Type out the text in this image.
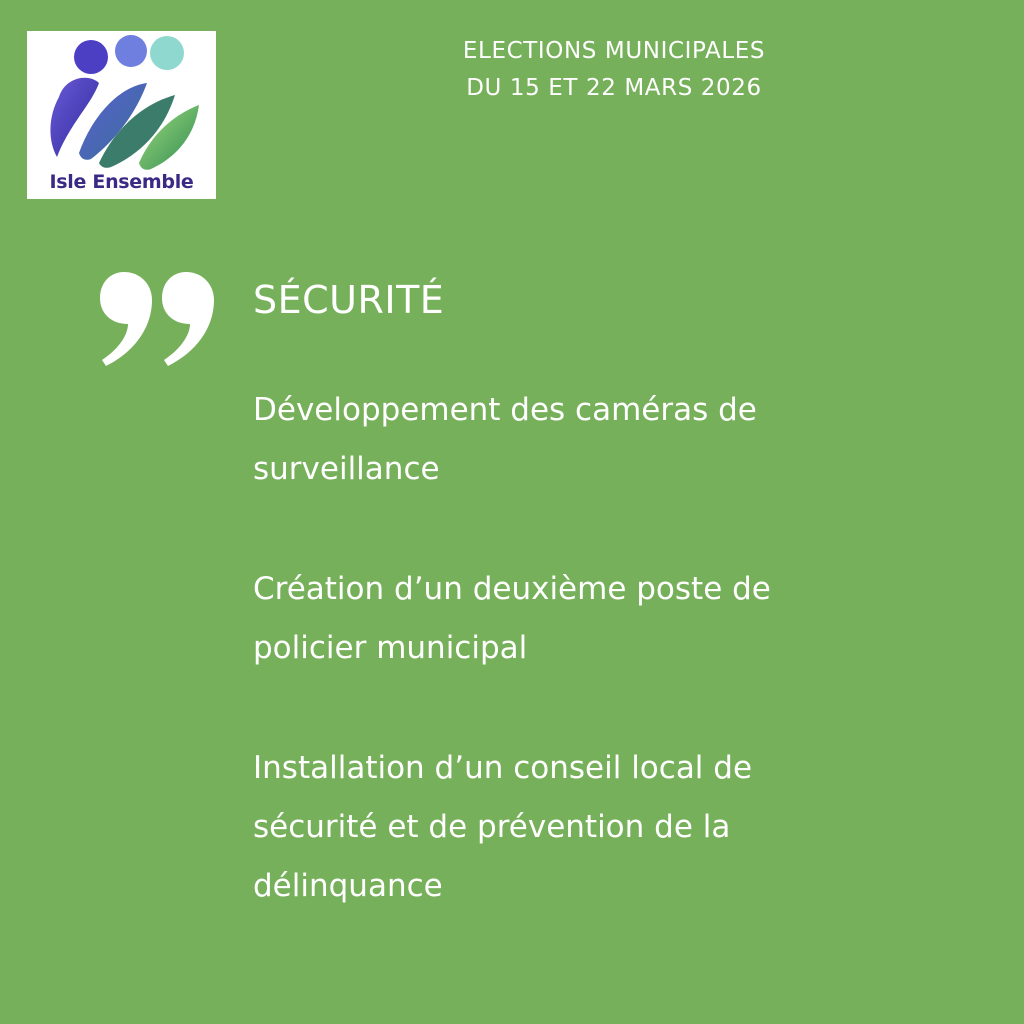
Isle Ensemble
ELECTIONS MUNICIPALES
DU 15 ET 22 MARS 2026
SÉCURITÉ
Développement des caméras de
surveillance
Création d’un deuxième poste de
policier municipal
Installation d’un conseil local de
sécurité et de prévention de la
délinquance
